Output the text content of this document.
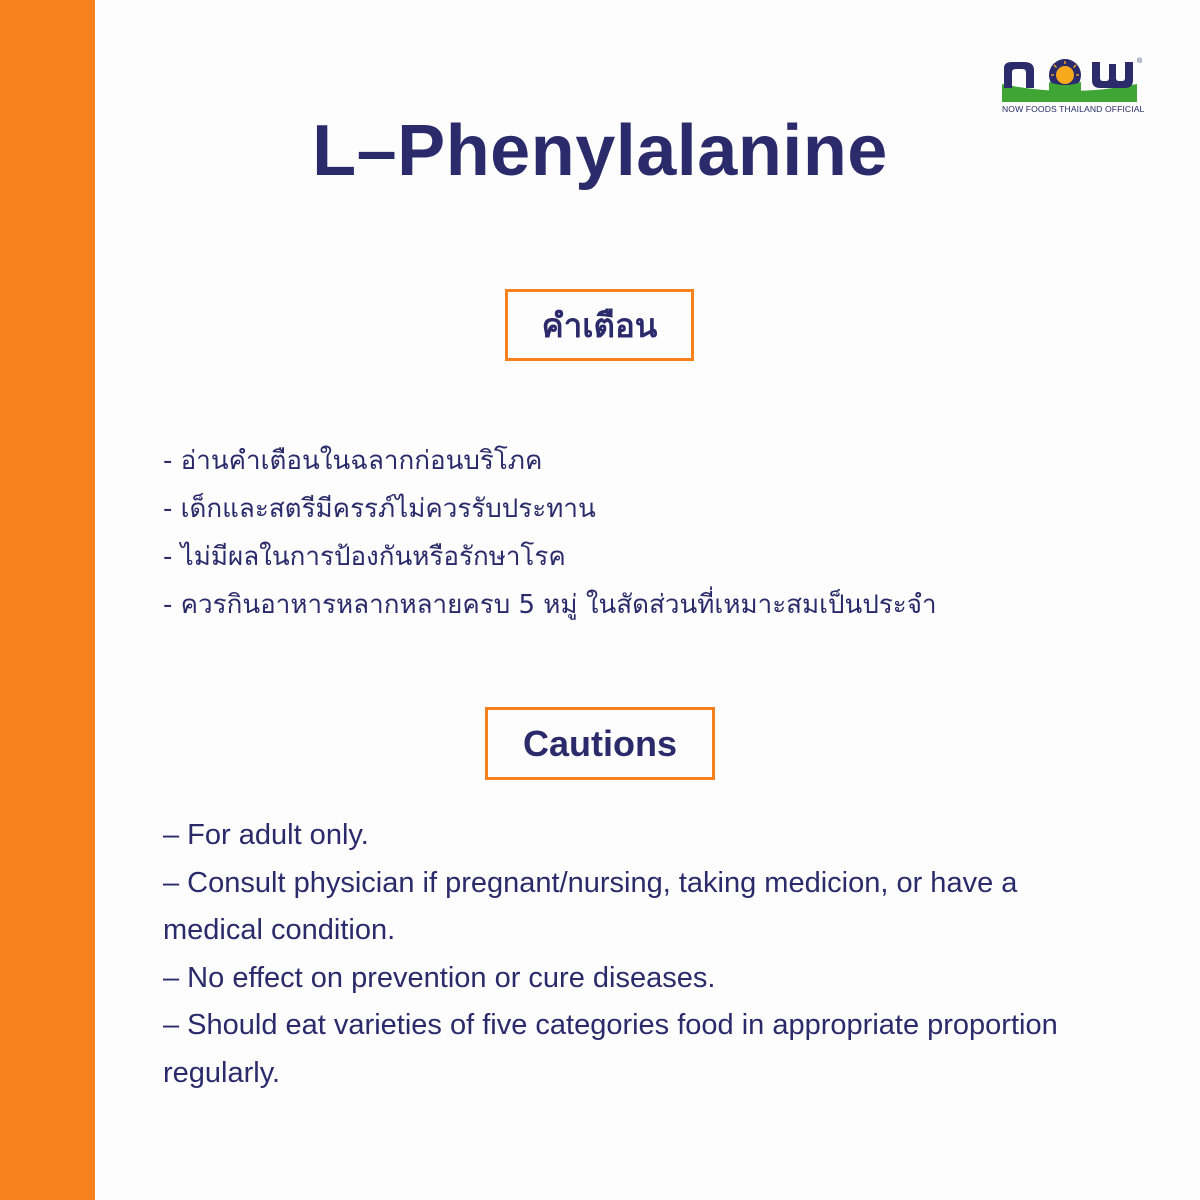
®
NOW FOODS THAILAND OFFICIAL
L–Phenylalanine
คำเตือน
- อ่านคำเตือนในฉลากก่อนบริโภค
- เด็กและสตรีมีครรภ์ไม่ควรรับประทาน
- ไม่มีผลในการป้องกันหรือรักษาโรค
- ควรกินอาหารหลากหลายครบ 5 หมู่ ในสัดส่วนที่เหมาะสมเป็นประจำ
Cautions
– For adult only.
– Consult physician if pregnant/nursing, taking medicion, or have a medical condition.
– No effect on prevention or cure diseases.
– Should eat varieties of five categories food in appropriate proportion regularly.
